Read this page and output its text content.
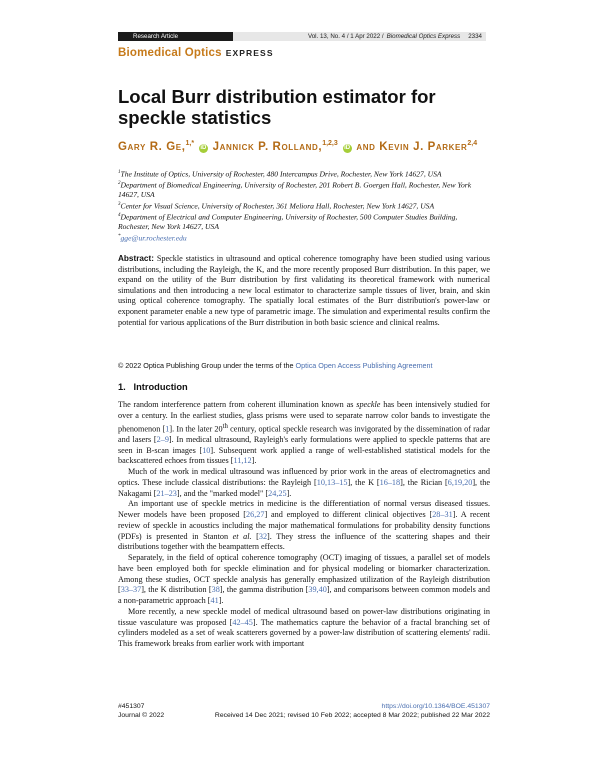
Research Article	Vol. 13, No. 4 / 1 Apr 2022 / Biomedical Optics Express 2334
Biomedical Optics EXPRESS
Local Burr distribution estimator for speckle statistics
Gary R. Ge,$^{1,*}$ iD Jannick P. Rolland,$^{1,2,3}$ iD and Kevin J. Parker$^{2,4}$

$^1$The Institute of Optics, University of Rochester, 480 Intercampus Drive, Rochester, New York 14627, USA

$^2$Department of Biomedical Engineering, University of Rochester, 201 Robert B. Goergen Hall, Rochester, New York 14627, USA

$^3$Center for Visual Science, University of Rochester, 361 Meliora Hall, Rochester, New York 14627, USA

$^4$Department of Electrical and Computer Engineering, University of Rochester, 500 Computer Studies Building, Rochester, New York 14627, USA

*gge@ur.rochester.edu

Abstract: Speckle statistics in ultrasound and optical coherence tomography have been studied using various distributions, including the Rayleigh, the K, and the more recently proposed Burr distribution. In this paper, we expand on the utility of the Burr distribution by first validating its theoretical framework with numerical simulations and then introducing a new local estimator to characterize sample tissues of liver, brain, and skin using optical coherence tomography. The spatially local estimates of the Burr distribution's power-law or exponent parameter enable a new type of parametric image. The simulation and experimental results confirm the potential for various applications of the Burr distribution in both basic science and clinical realms.
© 2022 Optica Publishing Group under the terms of the Optica Open Access Publishing Agreement
1. Introduction

The random interference pattern from coherent illumination known as speckle has been intensively studied for over a century. In the earliest studies, glass prisms were used to separate narrow color bands to investigate the phenomenon [1]. In the later 20th century, optical speckle research was invigorated by the dissemination of radar and lasers [2–9]. In medical ultrasound, Rayleigh's early formulations were applied to speckle patterns that are seen in B-scan images [10]. Subsequent work applied a range of well-established statistical models for the backscattered echoes from tissues [11,12].

Much of the work in medical ultrasound was influenced by prior work in the areas of electromagnetics and optics. These include classical distributions: the Rayleigh [10,13–15], the K [16–18], the Rician [6,19,20], the Nakagami [21–23], and the "marked model" [24,25].

An important use of speckle metrics in medicine is the differentiation of normal versus diseased tissues. Newer models have been proposed [26,27] and employed to different clinical objectives [28–31]. A recent review of speckle in acoustics including the major mathematical formulations for probability density functions (PDFs) is presented in Stanton et al. [32]. They stress the influence of the scattering shapes and their distributions together with the beampattern effects.

Separately, in the field of optical coherence tomography (OCT) imaging of tissues, a parallel set of models have been employed both for speckle elimination and for physical modeling or biomarker characterization. Among these studies, OCT speckle analysis has generally emphasized utilization of the Rayleigh distribution [33–37], the K distribution [38], the gamma distribution [39,40], and comparisons between common models and a non-parametric approach [41].

More recently, a new speckle model of medical ultrasound based on power-law distributions originating in tissue vasculature was proposed [42–45]. The mathematics capture the behavior of a fractal branching set of cylinders modeled as a set of weak scatterers governed by a power-law distribution of scattering elements' radii. This framework breaks from earlier work with important

#451307	https://doi.org/10.1364/BOE.451307
Journal © 2022	Received 14 Dec 2021; revised 10 Feb 2022; accepted 8 Mar 2022; published 22 Mar 2022
